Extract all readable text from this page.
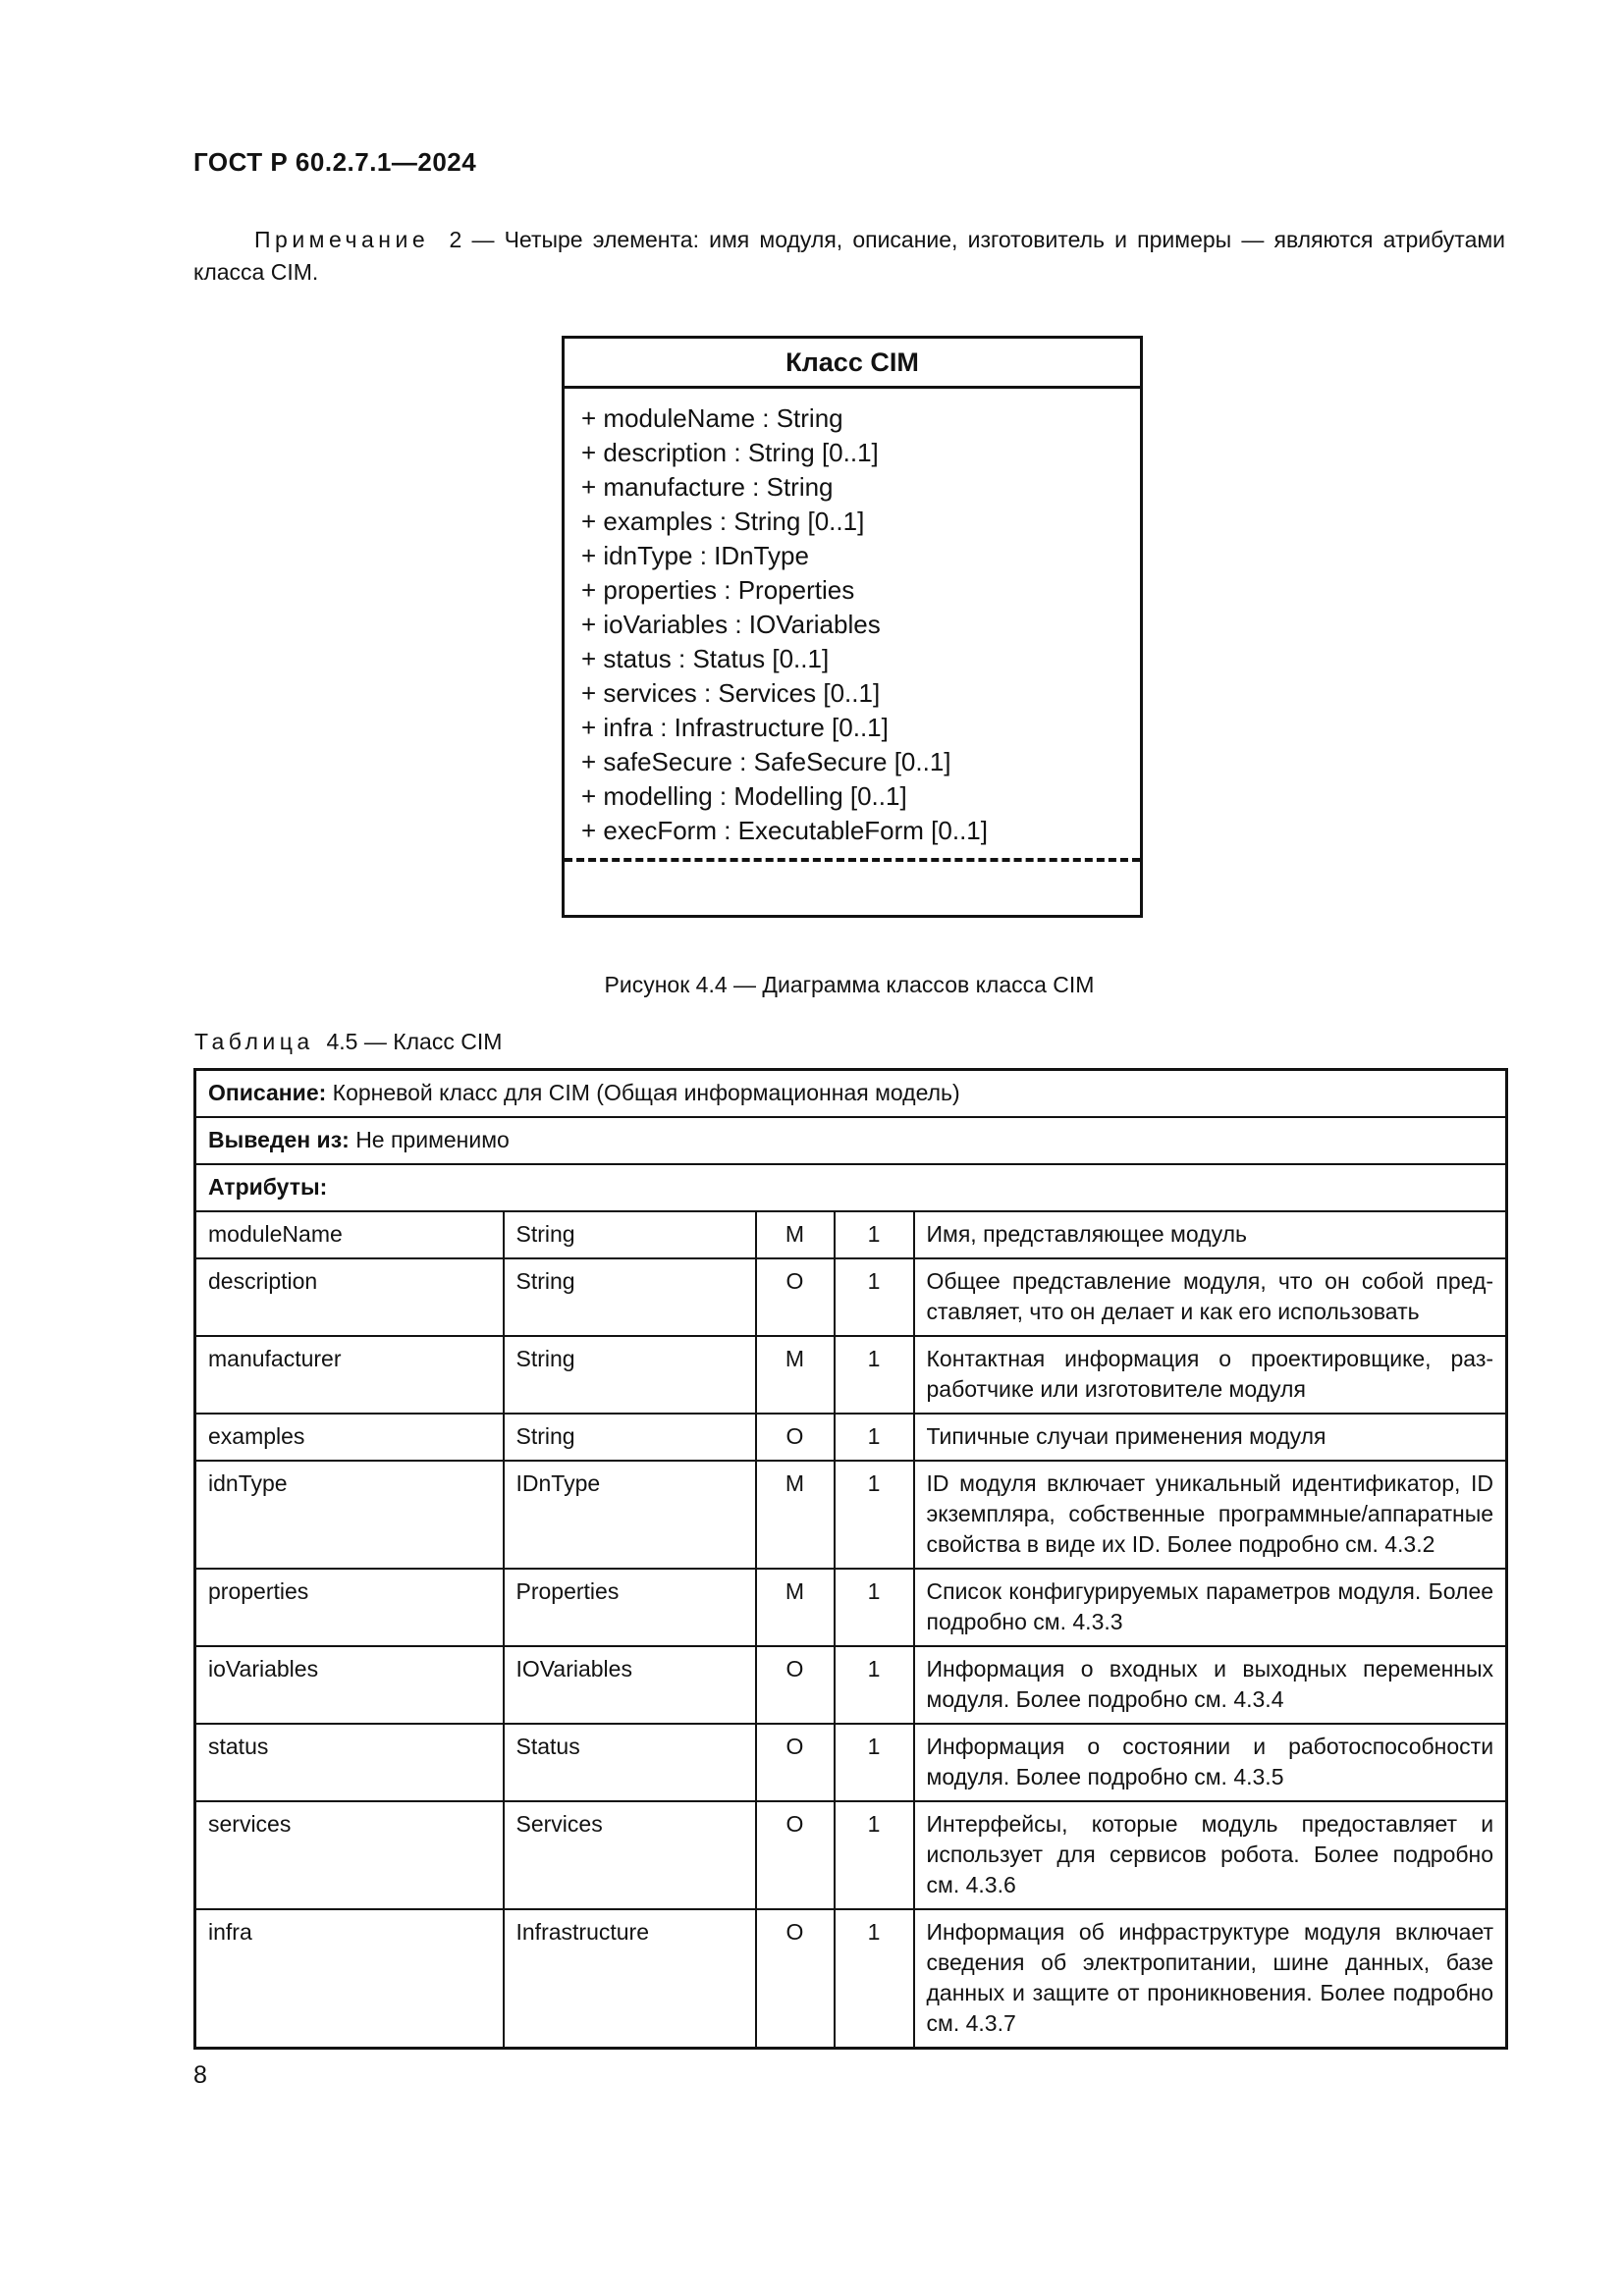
ГОСТ Р 60.2.7.1—2024

Примечание 2 — Четыре элемента: имя модуля, описание, изготовитель и примеры — являются атрибутами класса CIM.

Класс CIM
+ moduleName : String
+ description : String [0..1]
+ manufacture : String
+ examples : String [0..1]
+ idnType : IDnType
+ properties : Properties
+ ioVariables : IOVariables
+ status : Status [0..1]
+ services : Services [0..1]
+ infra : Infrastructure [0..1]
+ safeSecure : SafeSecure [0..1]
+ modelling : Modelling [0..1]
+ execForm : ExecutableForm [0..1]
Рисунок 4.4 — Диаграмма классов класса CIM
Таблица 4.5 — Класс CIM
Описание: Корневой класс для CIM (Общая информационная модель)				
Выведен из: Не применимо				
Атрибуты:				
moduleName	String	M	1	Имя, представляющее модуль
description	String	O	1	Общее представление модуля, что он собой представляет, что он делает и как его использовать
manufacturer	String	M	1	Контактная информация о проектировщике, разработчике или изготовителе модуля
examples	String	O	1	Типичные случаи применения модуля
idnType	IDnType	M	1	ID модуля включает уникальный идентификатор, ID экземпляра, собственные программные/аппаратные свойства в виде их ID. Более подробно см. 4.3.2
properties	Properties	M	1	Список конфигурируемых параметров модуля. Более подробно см. 4.3.3
ioVariables	IOVariables	O	1	Информация о входных и выходных переменных модуля. Более подробно см. 4.3.4
status	Status	O	1	Информация о состоянии и работоспособности модуля. Более подробно см. 4.3.5
services	Services	O	1	Интерфейсы, которые модуль предоставляет и использует для сервисов робота. Более подробно см. 4.3.6
infra	Infrastructure	O	1	Информация об инфраструктуре модуля включает сведения об электропитании, шине данных, базе данных и защите от проникновения. Более подробно см. 4.3.7
8
